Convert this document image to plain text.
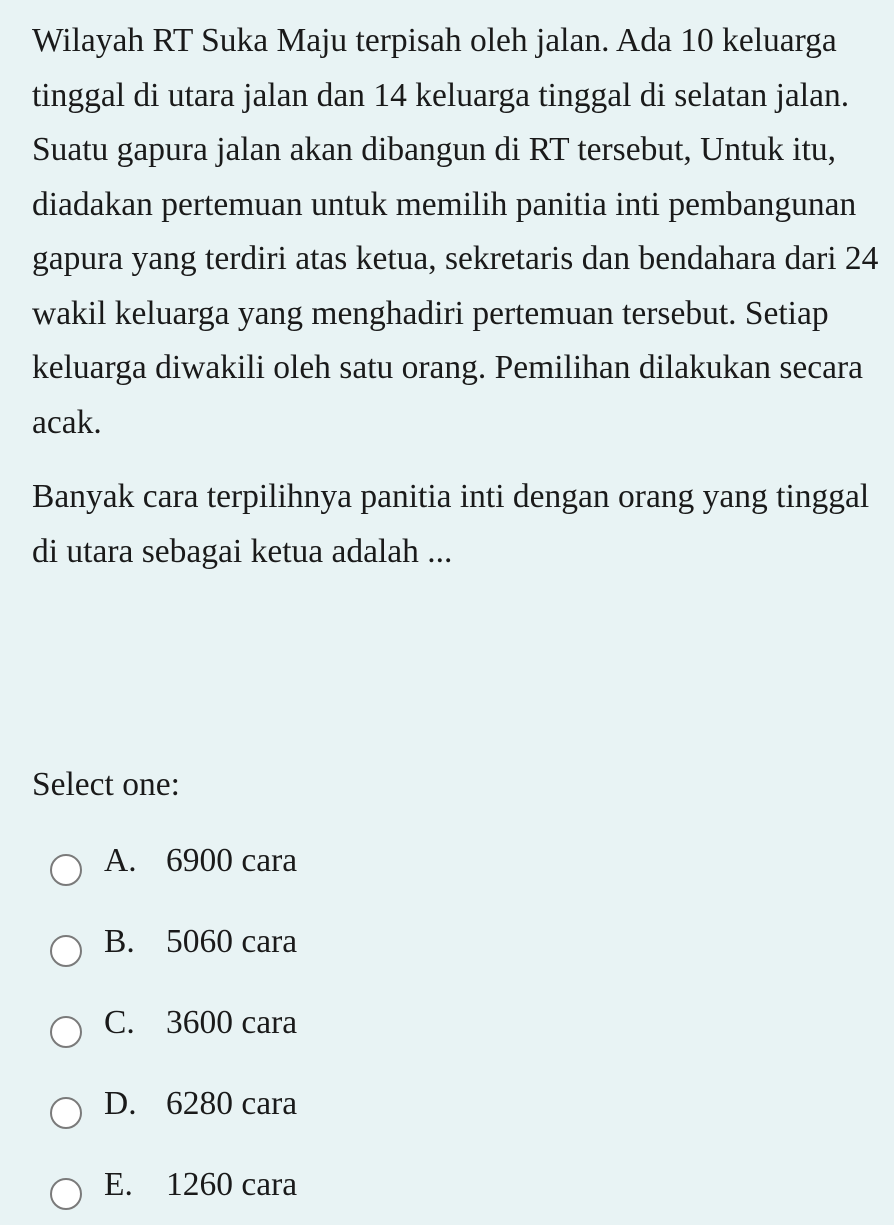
Wilayah RT Suka Maju terpisah oleh jalan. Ada 10 keluarga tinggal di utara jalan dan 14 keluarga tinggal di selatan jalan. Suatu gapura jalan akan dibangun di RT tersebut, Untuk itu, diadakan pertemuan untuk memilih panitia inti pembangunan gapura yang terdiri atas ketua, sekretaris dan bendahara dari 24 wakil keluarga yang menghadiri pertemuan tersebut. Setiap keluarga diwakili oleh satu orang. Pemilihan dilakukan secara acak.

Banyak cara terpilihnya panitia inti dengan orang yang tinggal di utara sebagai ketua adalah ...

Select one:
A. 6900 cara
B. 5060 cara
C. 3600 cara
D. 6280 cara
E. 1260 cara
